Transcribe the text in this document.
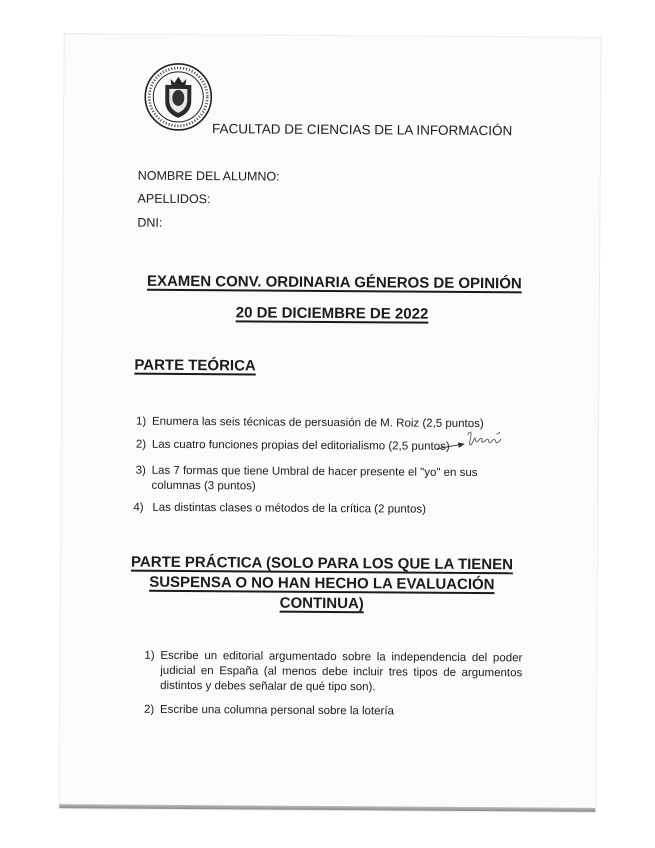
FACULTAD DE CIENCIAS DE LA INFORMACIÓN
NOMBRE DEL ALUMNO:
APELLIDOS:
DNI:
EXAMEN CONV. ORDINARIA GÉNEROS DE OPINIÓN
20 DE DICIEMBRE DE 2022
PARTE TEÓRICA
1) Enumera las seis técnicas de persuasión de M. Roiz (2,5 puntos)
2) Las cuatro funciones propias del editorialismo (2,5 puntos)
3) Las 7 formas que tiene Umbral de hacer presente el "yo" en sus columnas (3 puntos)
4) Las distintas clases o métodos de la crítica (2 puntos)
PARTE PRÁCTICA (SOLO PARA LOS QUE LA TIENEN SUSPENSA O NO HAN HECHO LA EVALUACIÓN CONTINUA)
1) Escribe un editorial argumentado sobre la independencia del poder judicial en España (al menos debe incluir tres tipos de argumentos distintos y debes señalar de qué tipo son).
2) Escribe una columna personal sobre la lotería
